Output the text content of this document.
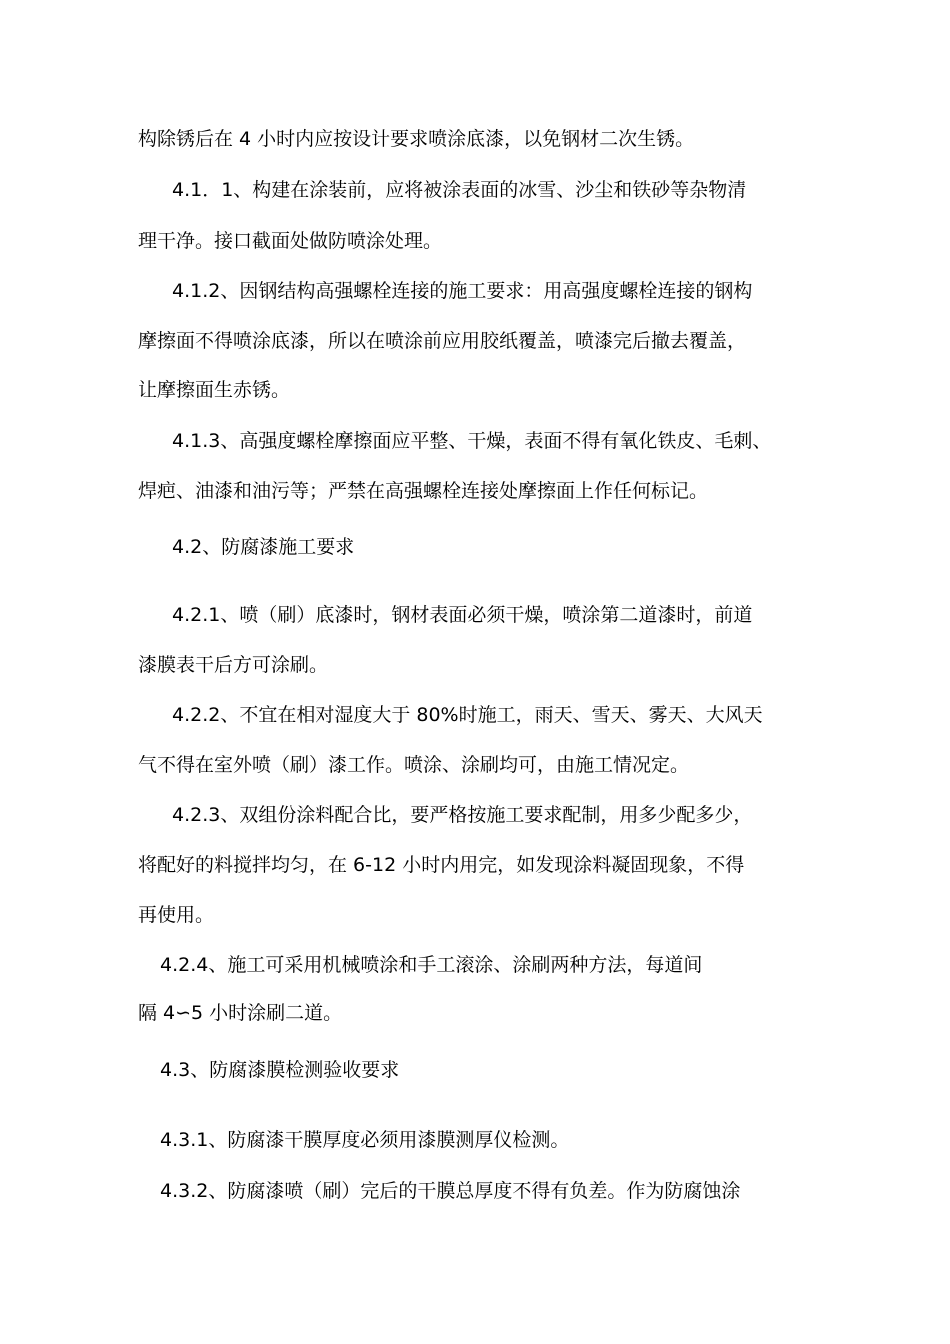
构除锈后在 4 小时内应按设计要求喷涂底漆，以免钢材二次生锈。

4.1．1、构建在涂装前，应将被涂表面的冰雪、沙尘和铁砂等杂物清

理干净。接口截面处做防喷涂处理。

4.1.2、因钢结构高强螺栓连接的施工要求：用高强度螺栓连接的钢构

摩擦面不得喷涂底漆，所以在喷涂前应用胶纸覆盖，喷漆完后撤去覆盖，

让摩擦面生赤锈。

4.1.3、高强度螺栓摩擦面应平整、干燥，表面不得有氧化铁皮、毛刺、

焊疤、油漆和油污等；严禁在高强螺栓连接处摩擦面上作任何标记。

4.2、防腐漆施工要求

4.2.1、喷（刷）底漆时，钢材表面必须干燥，喷涂第二道漆时，前道

漆膜表干后方可涂刷。

4.2.2、不宜在相对湿度大于 80%时施工，雨天、雪天、雾天、大风天

气不得在室外喷（刷）漆工作。喷涂、涂刷均可，由施工情况定。

4.2.3、双组份涂料配合比，要严格按施工要求配制，用多少配多少，

将配好的料搅拌均匀，在 6-12 小时内用完，如发现涂料凝固现象，不得

再使用。

4.2.4、施工可采用机械喷涂和手工滚涂、涂刷两种方法，每道间

隔 4∽5 小时涂刷二道。

4.3、防腐漆膜检测验收要求

4.3.1、防腐漆干膜厚度必须用漆膜测厚仪检测。

4.3.2、防腐漆喷（刷）完后的干膜总厚度不得有负差。作为防腐蚀涂
